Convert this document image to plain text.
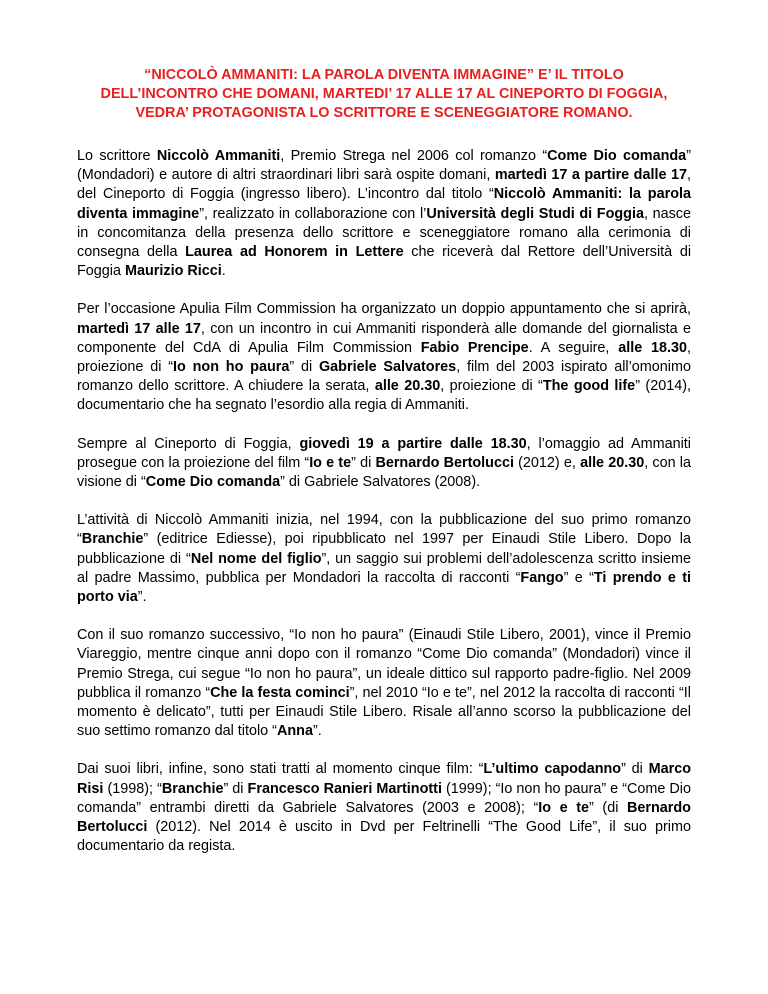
“NICCOLÒ AMMANITI: LA PAROLA DIVENTA IMMAGINE” E’ IL TITOLO
DELL’INCONTRO CHE DOMANI, MARTEDI’ 17 ALLE 17 AL CINEPORTO DI FOGGIA,
VEDRA’ PROTAGONISTA LO SCRITTORE E SCENEGGIATORE ROMANO.

Lo scrittore Niccolò Ammaniti, Premio Strega nel 2006 col romanzo “Come Dio comanda” (Mondadori) e autore di altri straordinari libri sarà ospite domani, martedì 17 a partire dalle 17, del Cineporto di Foggia (ingresso libero). L’incontro dal titolo “Niccolò Ammaniti: la parola diventa immagine”, realizzato in collaborazione con l’Università degli Studi di Foggia, nasce in concomitanza della presenza dello scrittore e sceneggiatore romano alla cerimonia di consegna della Laurea ad Honorem in Lettere che riceverà dal Rettore dell’Università di Foggia Maurizio Ricci.

Per l’occasione Apulia Film Commission ha organizzato un doppio appuntamento che si aprirà, martedì 17 alle 17, con un incontro in cui Ammaniti risponderà alle domande del giornalista e componente del CdA di Apulia Film Commission Fabio Prencipe. A seguire, alle 18.30, proiezione di “Io non ho paura” di Gabriele Salvatores, film del 2003 ispirato all’omonimo romanzo dello scrittore. A chiudere la serata, alle 20.30, proiezione di “The good life” (2014), documentario che ha segnato l’esordio alla regia di Ammaniti.

Sempre al Cineporto di Foggia, giovedì 19 a partire dalle 18.30, l’omaggio ad Ammaniti prosegue con la proiezione del film “Io e te” di Bernardo Bertolucci (2012) e, alle 20.30, con la visione di “Come Dio comanda” di Gabriele Salvatores (2008).

L’attività di Niccolò Ammaniti inizia, nel 1994, con la pubblicazione del suo primo romanzo “Branchie” (editrice Ediesse), poi ripubblicato nel 1997 per Einaudi Stile Libero. Dopo la pubblicazione di “Nel nome del figlio”, un saggio sui problemi dell’adolescenza scritto insieme al padre Massimo, pubblica per Mondadori la raccolta di racconti “Fango” e “Ti prendo e ti porto via”.

Con il suo romanzo successivo, “Io non ho paura” (Einaudi Stile Libero, 2001), vince il Premio Viareggio, mentre cinque anni dopo con il romanzo “Come Dio comanda” (Mondadori) vince il Premio Strega, cui segue “Io non ho paura”, un ideale dittico sul rapporto padre-figlio. Nel 2009 pubblica il romanzo “Che la festa cominci”, nel 2010 “Io e te”, nel 2012 la raccolta di racconti “Il momento è delicato”, tutti per Einaudi Stile Libero. Risale all’anno scorso la pubblicazione del suo settimo romanzo dal titolo “Anna”.

Dai suoi libri, infine, sono stati tratti al momento cinque film: “L’ultimo capodanno” di Marco Risi (1998); “Branchie” di Francesco Ranieri Martinotti (1999); “Io non ho paura” e “Come Dio comanda” entrambi diretti da Gabriele Salvatores (2003 e 2008); “Io e te” (di Bernardo Bertolucci (2012). Nel 2014 è uscito in Dvd per Feltrinelli “The Good Life”, il suo primo documentario da regista.
